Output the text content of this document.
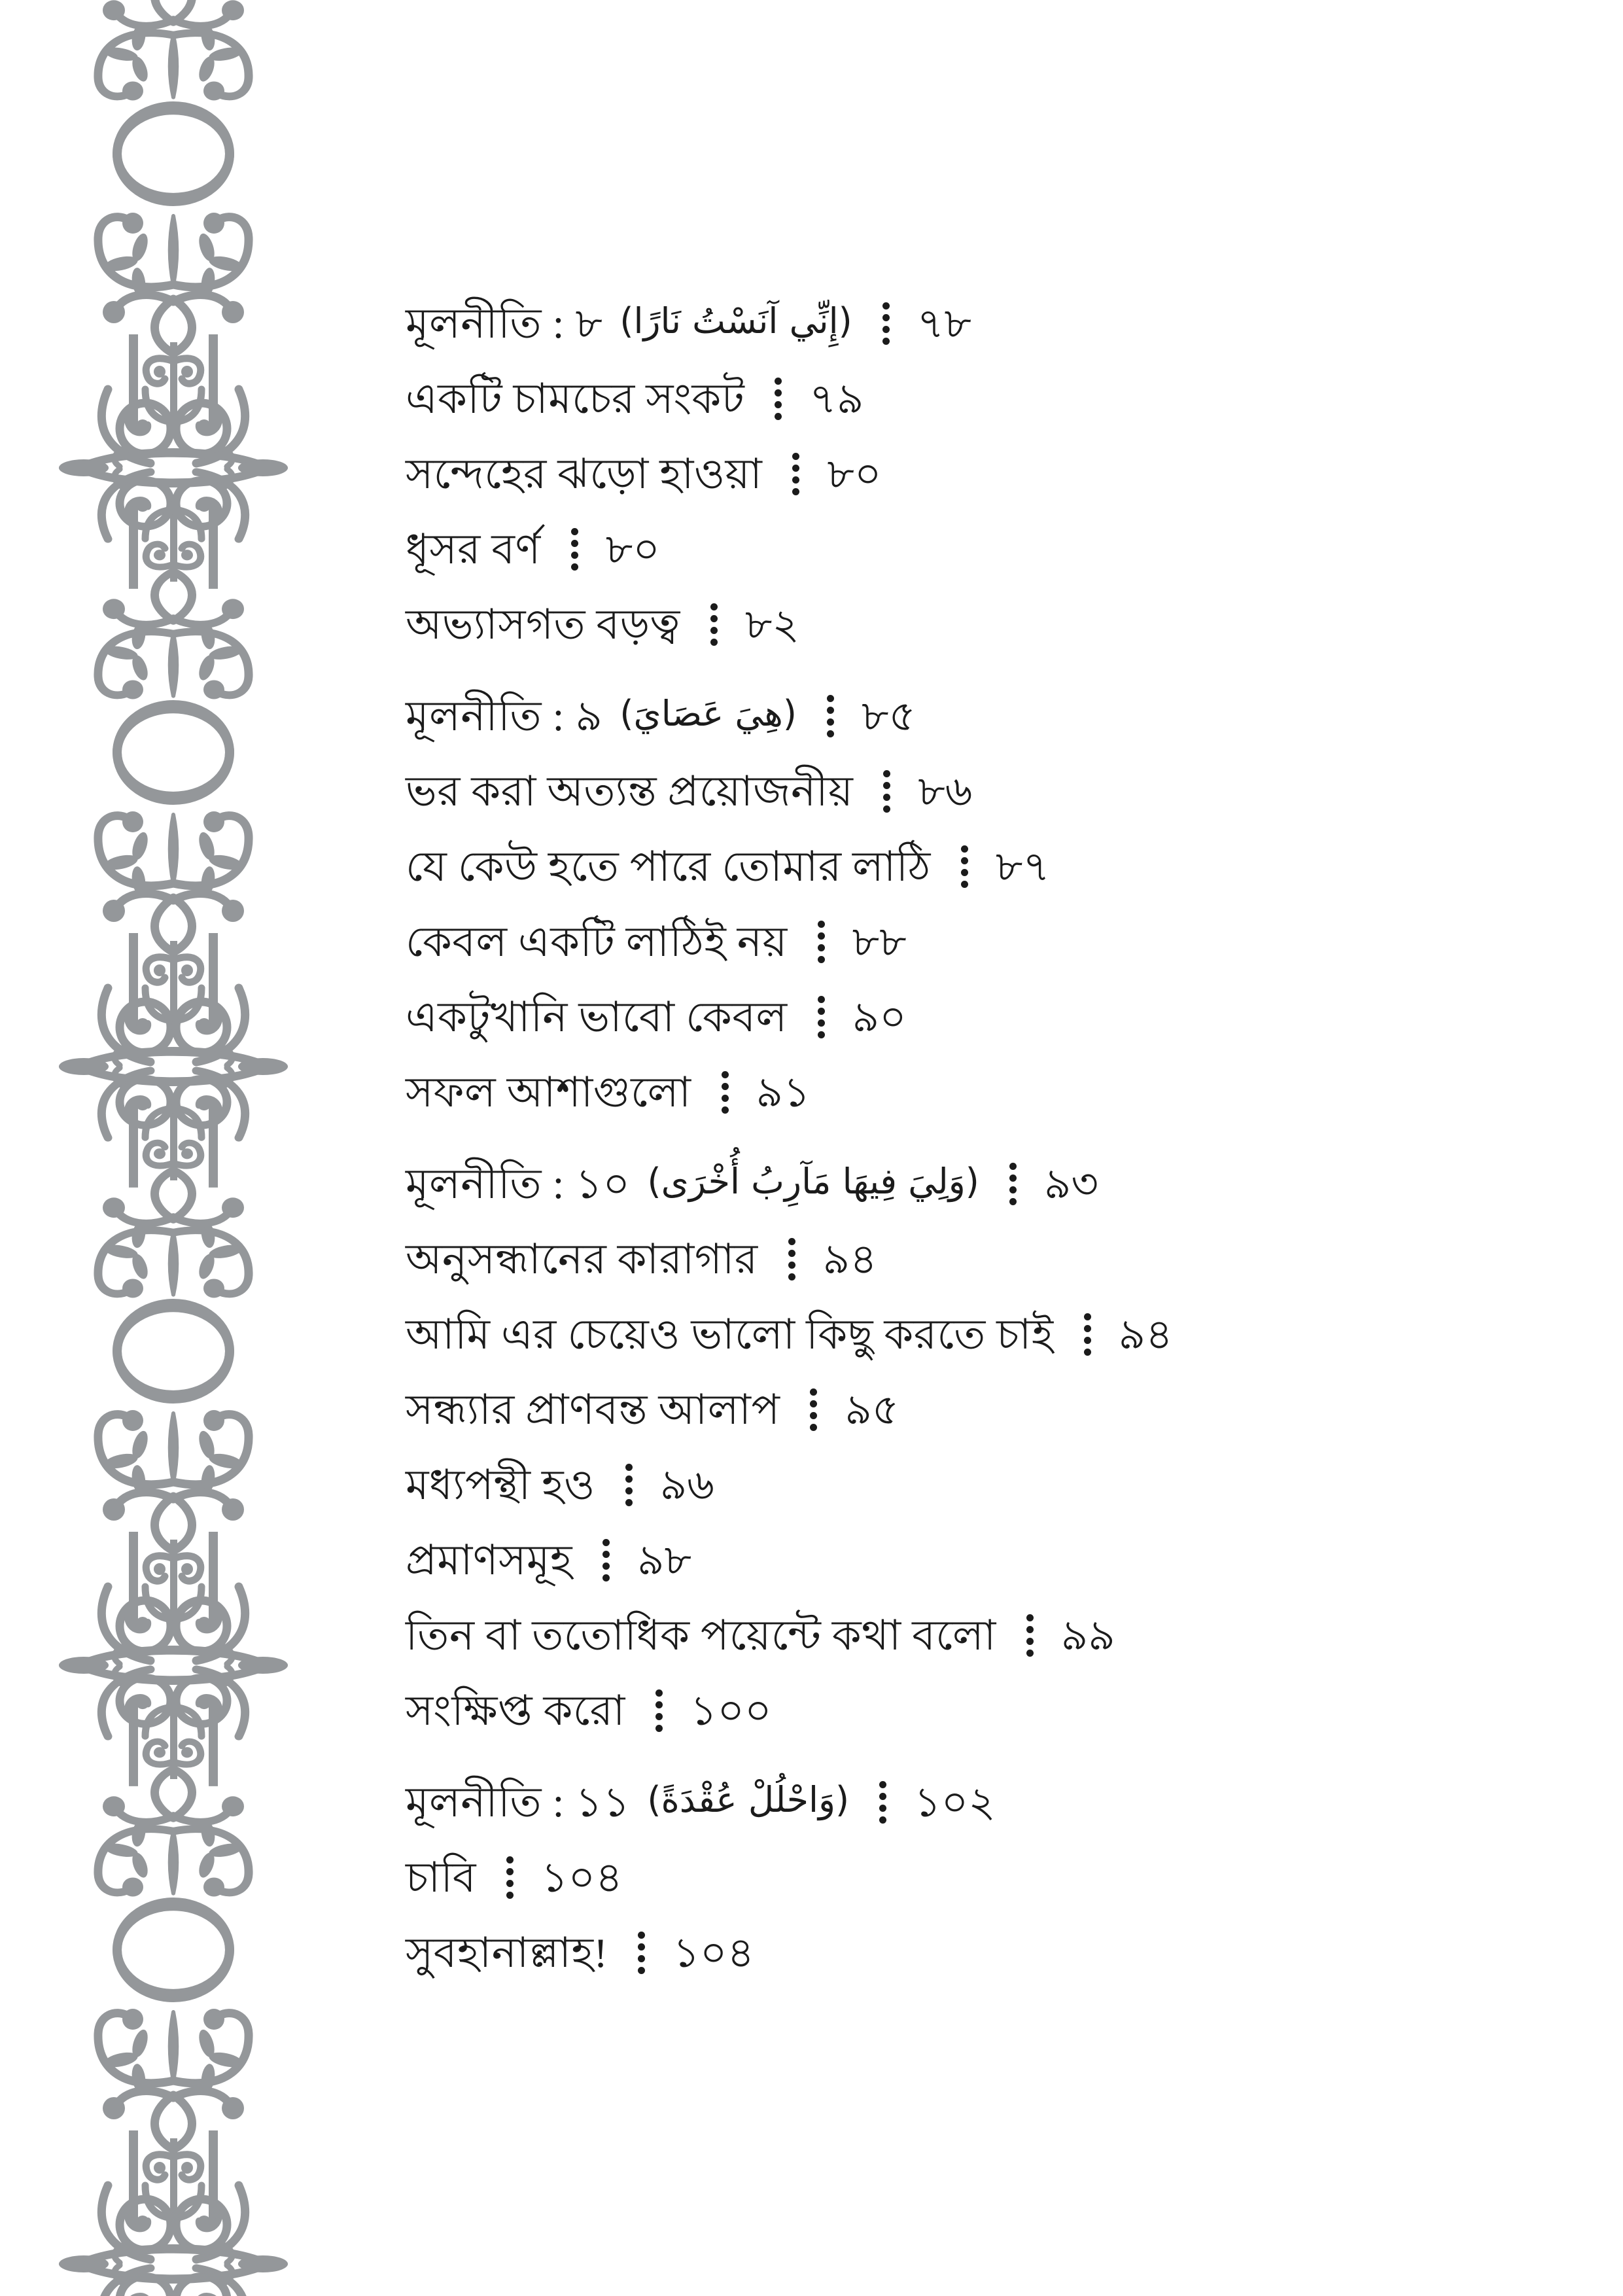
মূলনীতি : ৮ (إِنِّي آنَسْتُ نَارًا) ৭৮
একটি চামচের সংকট ৭৯
সন্দেহের ঝড়ো হাওয়া ৮০
ধূসর বর্ণ ৮০
অভ্যাসগত বড়ত্ব ৮২
মূলনীতি : ৯ (هِيَ عَصَايَ) ৮৫
ভর করা অত্যন্ত প্রয়োজনীয় ৮৬
যে কেউ হতে পারে তোমার লাঠি ৮৭
কেবল একটি লাঠিই নয় ৮৮
একটুখানি ভাবো কেবল ৯০
সফল আশাগুলো ৯১
মূলনীতি : ১০ (وَلِيَ فِيهَا مَآرِبُ أُخْرَى) ৯৩
অনুসন্ধানের কারাগার ৯৪
আমি এর চেয়েও ভালো কিছু করতে চাই ৯৪
সন্ধ্যার প্রাণবন্ত আলাপ ৯৫
মধ্যপন্থী হও ৯৬
প্রমাণসমূহ ৯৮
তিন বা ততোধিক পয়েন্টে কথা বলো ৯৯
সংক্ষিপ্ত করো ১০০
মূলনীতি : ১১ (وَاحْلُلْ عُقْدَةً) ১০২
চাবি ১০৪
সুবহানাল্লাহ! ১০৪
